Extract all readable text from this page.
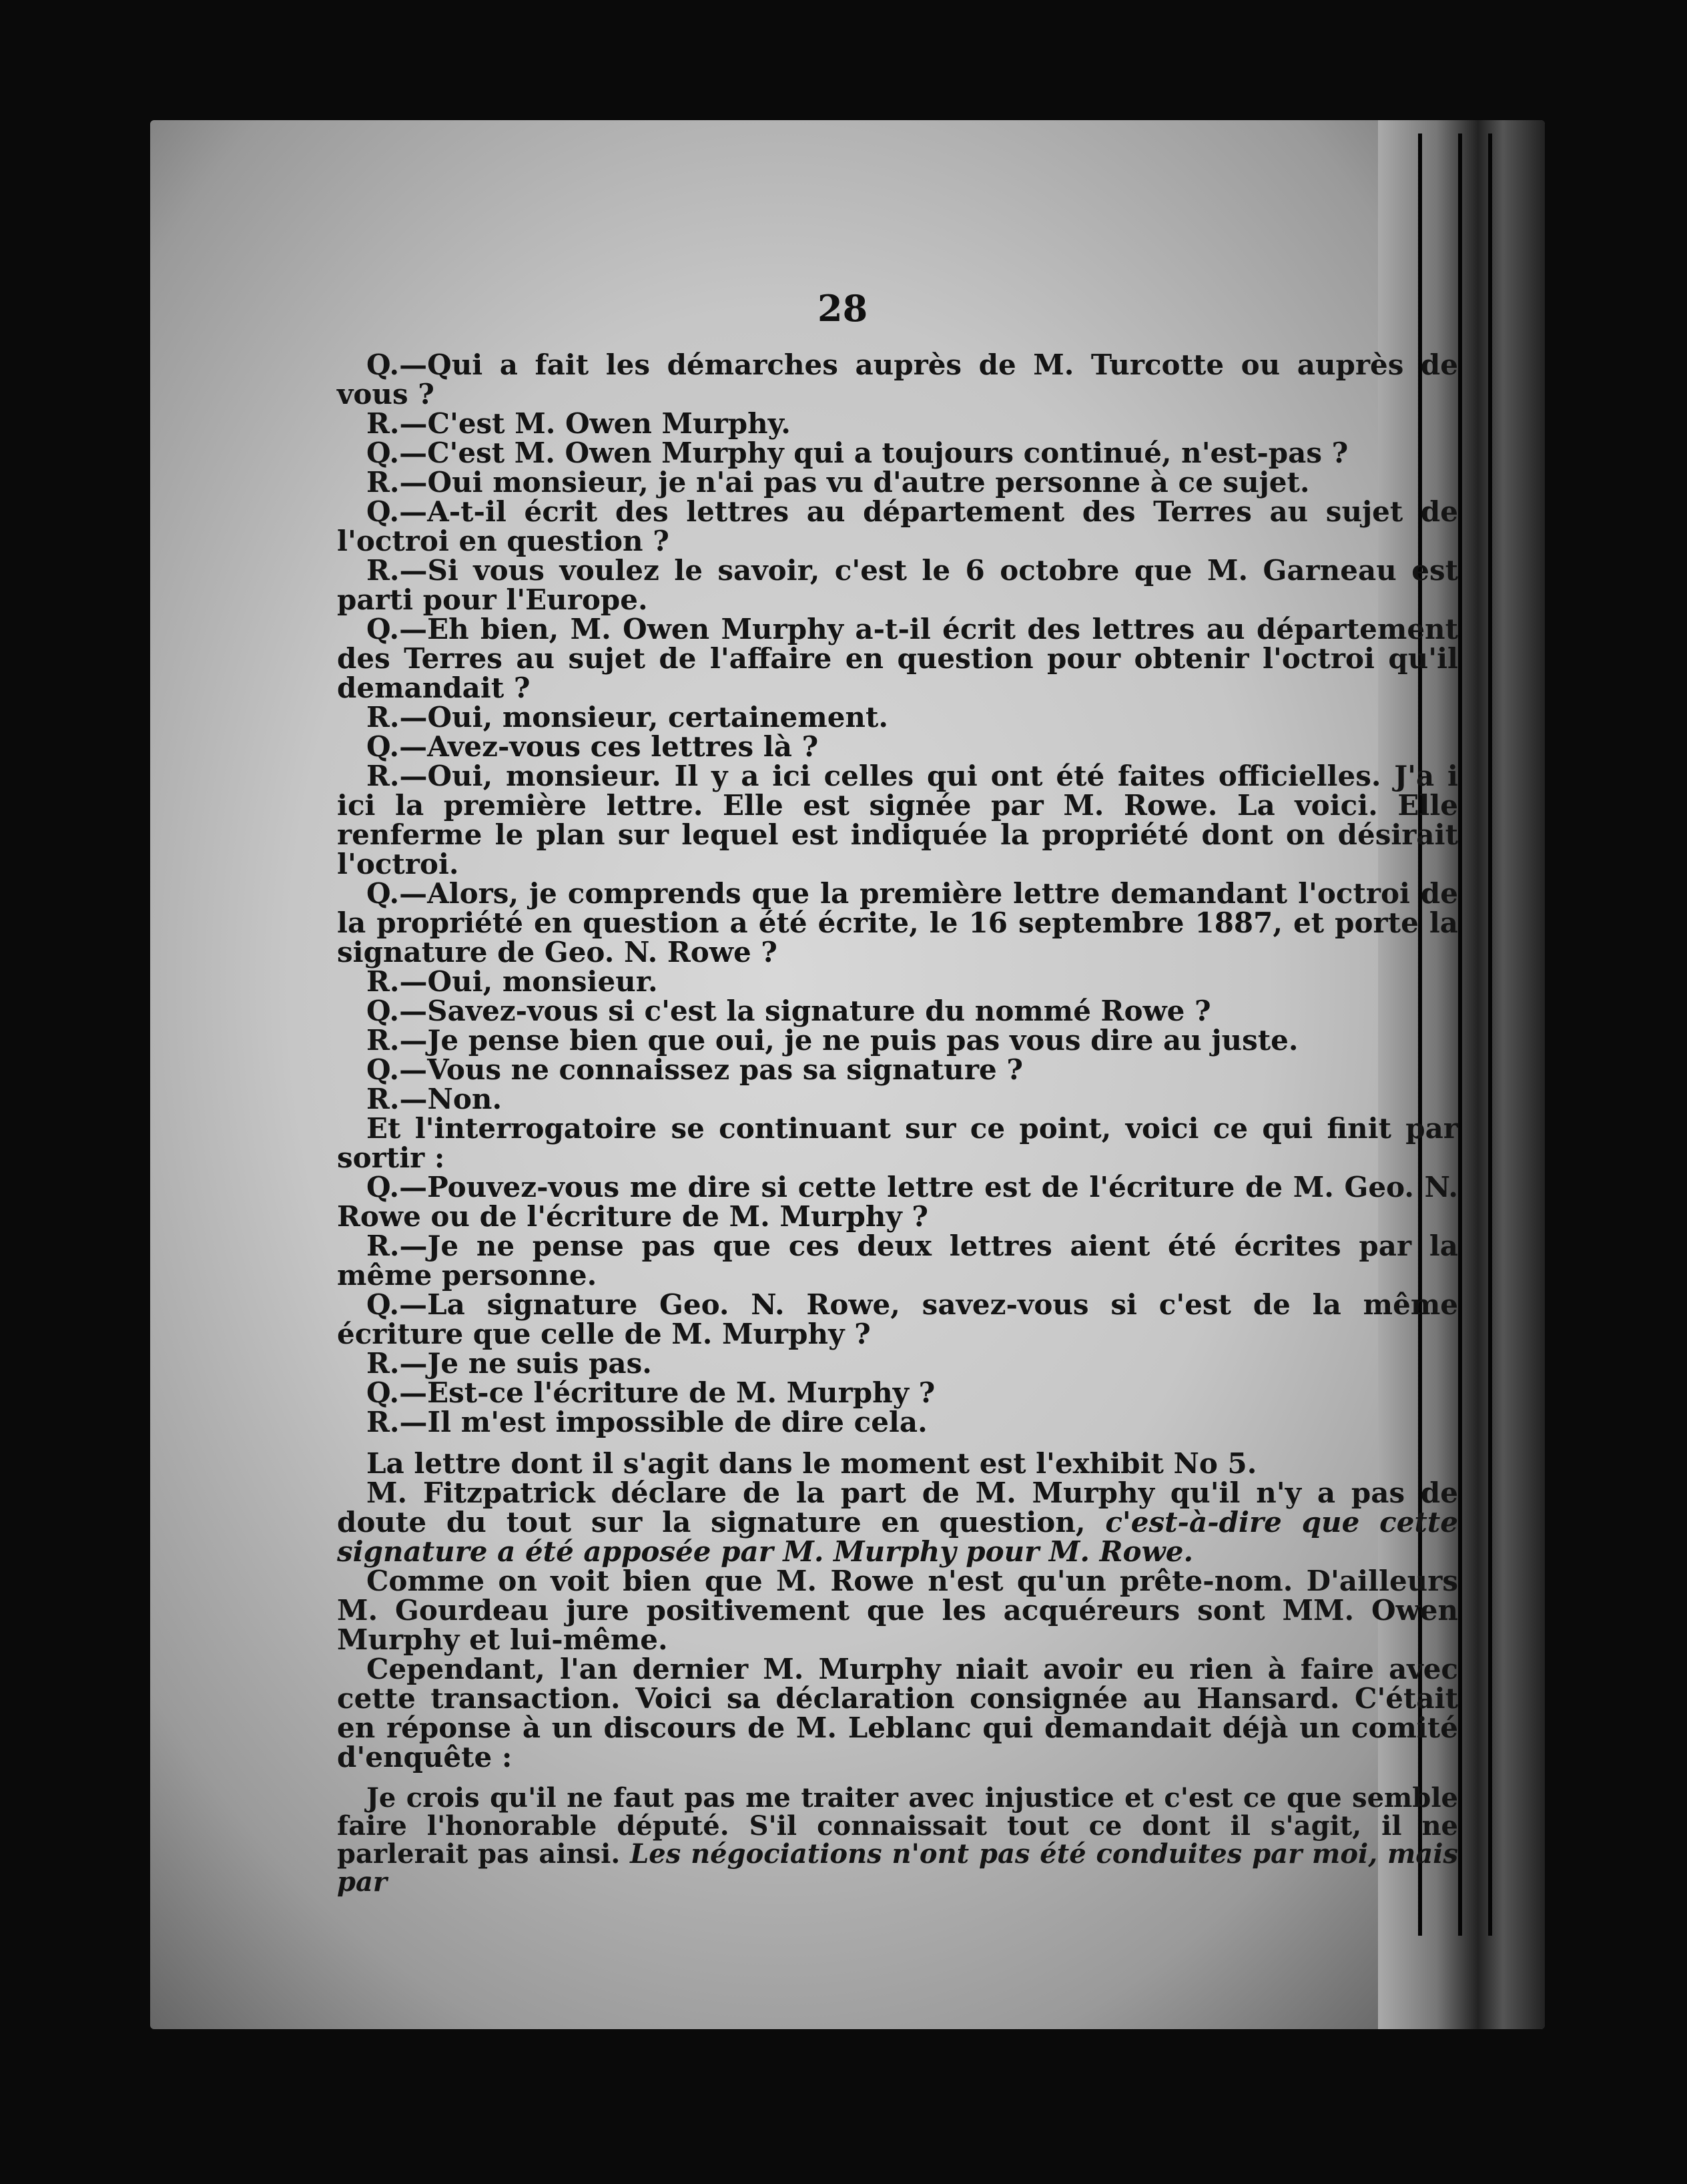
28

Q.—Qui a fait les démarches auprès de M. Turcotte ou auprès de vous ?

R.—C'est M. Owen Murphy.

Q.—C'est M. Owen Murphy qui a toujours continué, n'est-pas ?

R.—Oui monsieur, je n'ai pas vu d'autre personne à ce sujet.

Q.—A-t-il écrit des lettres au département des Terres au sujet de l'octroi en question ?

R.—Si vous voulez le savoir, c'est le 6 octobre que M. Garneau est parti pour l'Europe.

Q.—Eh bien, M. Owen Murphy a-t-il écrit des lettres au département des Terres au sujet de l'affaire en question pour obtenir l'octroi qu'il demandait ?

R.—Oui, monsieur, certainement.

Q.—Avez-vous ces lettres là ?

R.—Oui, monsieur. Il y a ici celles qui ont été faites officielles. J'a i ici la première lettre. Elle est signée par M. Rowe. La voici. Elle renferme le plan sur lequel est indiquée la propriété dont on désirait l'octroi.

Q.—Alors, je comprends que la première lettre demandant l'octroi de la propriété en question a été écrite, le 16 septembre 1887, et porte la signature de Geo. N. Rowe ?

R.—Oui, monsieur.

Q.—Savez-vous si c'est la signature du nommé Rowe ?

R.—Je pense bien que oui, je ne puis pas vous dire au juste.

Q.—Vous ne connaissez pas sa signature ?

R.—Non.

Et l'interrogatoire se continuant sur ce point, voici ce qui finit par sortir :

Q.—Pouvez-vous me dire si cette lettre est de l'écriture de M. Geo. N. Rowe ou de l'écriture de M. Murphy ?

R.—Je ne pense pas que ces deux lettres aient été écrites par la même personne.

Q.—La signature Geo. N. Rowe, savez-vous si c'est de la même écriture que celle de M. Murphy ?

R.—Je ne suis pas.

Q.—Est-ce l'écriture de M. Murphy ?

R.—Il m'est impossible de dire cela.

La lettre dont il s'agit dans le moment est l'exhibit No 5.

M. Fitzpatrick déclare de la part de M. Murphy qu'il n'y a pas de doute du tout sur la signature en question, c'est-à-dire que cette signature a été apposée par M. Murphy pour M. Rowe.

Comme on voit bien que M. Rowe n'est qu'un prête-nom. D'ailleurs M. Gourdeau jure positivement que les acquéreurs sont MM. Owen Murphy et lui-même.

Cependant, l'an dernier M. Murphy niait avoir eu rien à faire avec cette transaction. Voici sa déclaration consignée au Hansard. C'était en réponse à un discours de M. Leblanc qui demandait déjà un comité d'enquête :

Je crois qu'il ne faut pas me traiter avec injustice et c'est ce que semble faire l'honorable député. S'il connaissait tout ce dont il s'agit, il ne parlerait pas ainsi. Les négociations n'ont pas été conduites par moi, mais par
